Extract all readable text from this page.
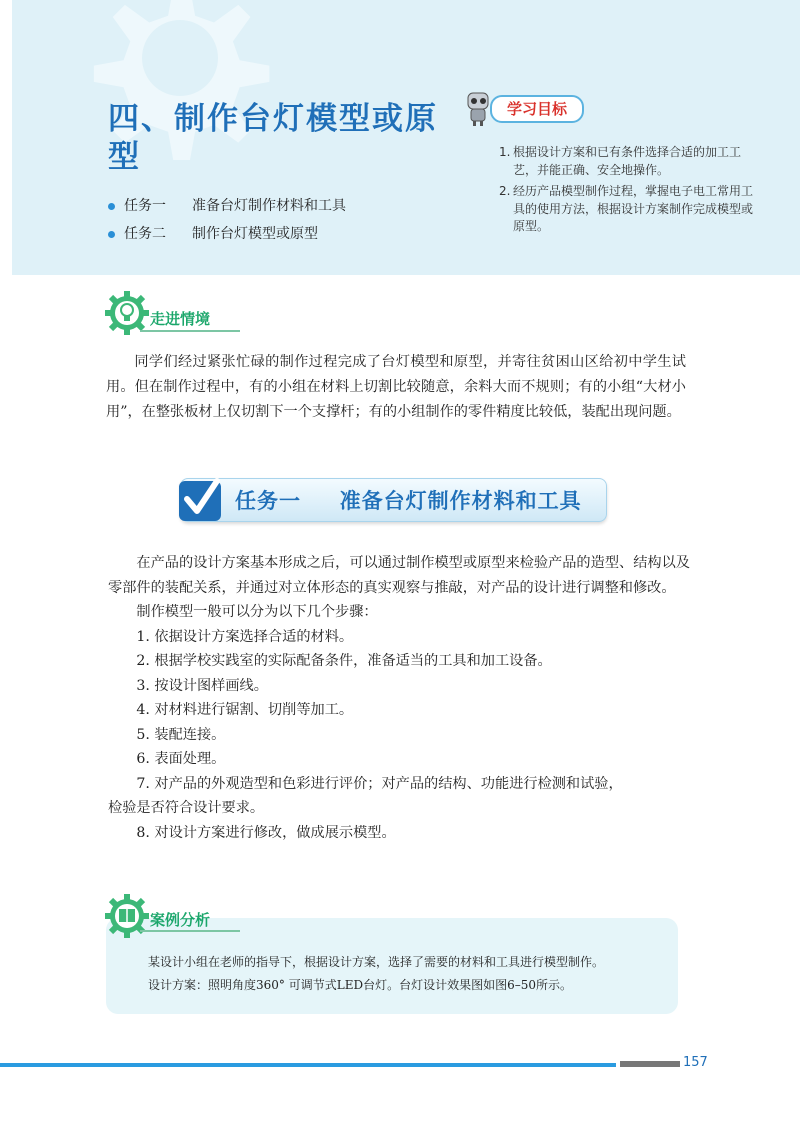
四、制作台灯模型或原型
任务一 准备台灯制作材料和工具
任务二 制作台灯模型或原型
学习目标
1. 根据设计方案和已有条件选择合适的加工工艺，并能正确、安全地操作。
2. 经历产品模型制作过程，掌握电子电工常用工具的使用方法，根据设计方案制作完成模型或原型。
走进情境
同学们经过紧张忙碌的制作过程完成了台灯模型和原型，并寄往贫困山区给初中学生试用。但在制作过程中，有的小组在材料上切割比较随意，余料大而不规则；有的小组“大材小用”，在整张板材上仅切割下一个支撑杆；有的小组制作的零件精度比较低，装配出现问题。
任务一 准备台灯制作材料和工具

在产品的设计方案基本形成之后，可以通过制作模型或原型来检验产品的造型、结构以及零部件的装配关系，并通过对立体形态的真实观察与推敲，对产品的设计进行调整和修改。

制作模型一般可以分为以下几个步骤：

1. 依据设计方案选择合适的材料。

2. 根据学校实践室的实际配备条件，准备适当的工具和加工设备。

3. 按设计图样画线。

4. 对材料进行锯割、切削等加工。

5. 装配连接。

6. 表面处理。

7. 对产品的外观造型和色彩进行评价；对产品的结构、功能进行检测和试验，

检验是否符合设计要求。

8. 对设计方案进行修改，做成展示模型。

案例分析
某设计小组在老师的指导下，根据设计方案，选择了需要的材料和工具进行模型制作。
设计方案：照明角度360° 可调节式LED台灯。台灯设计效果图如图6–50所示。
157
